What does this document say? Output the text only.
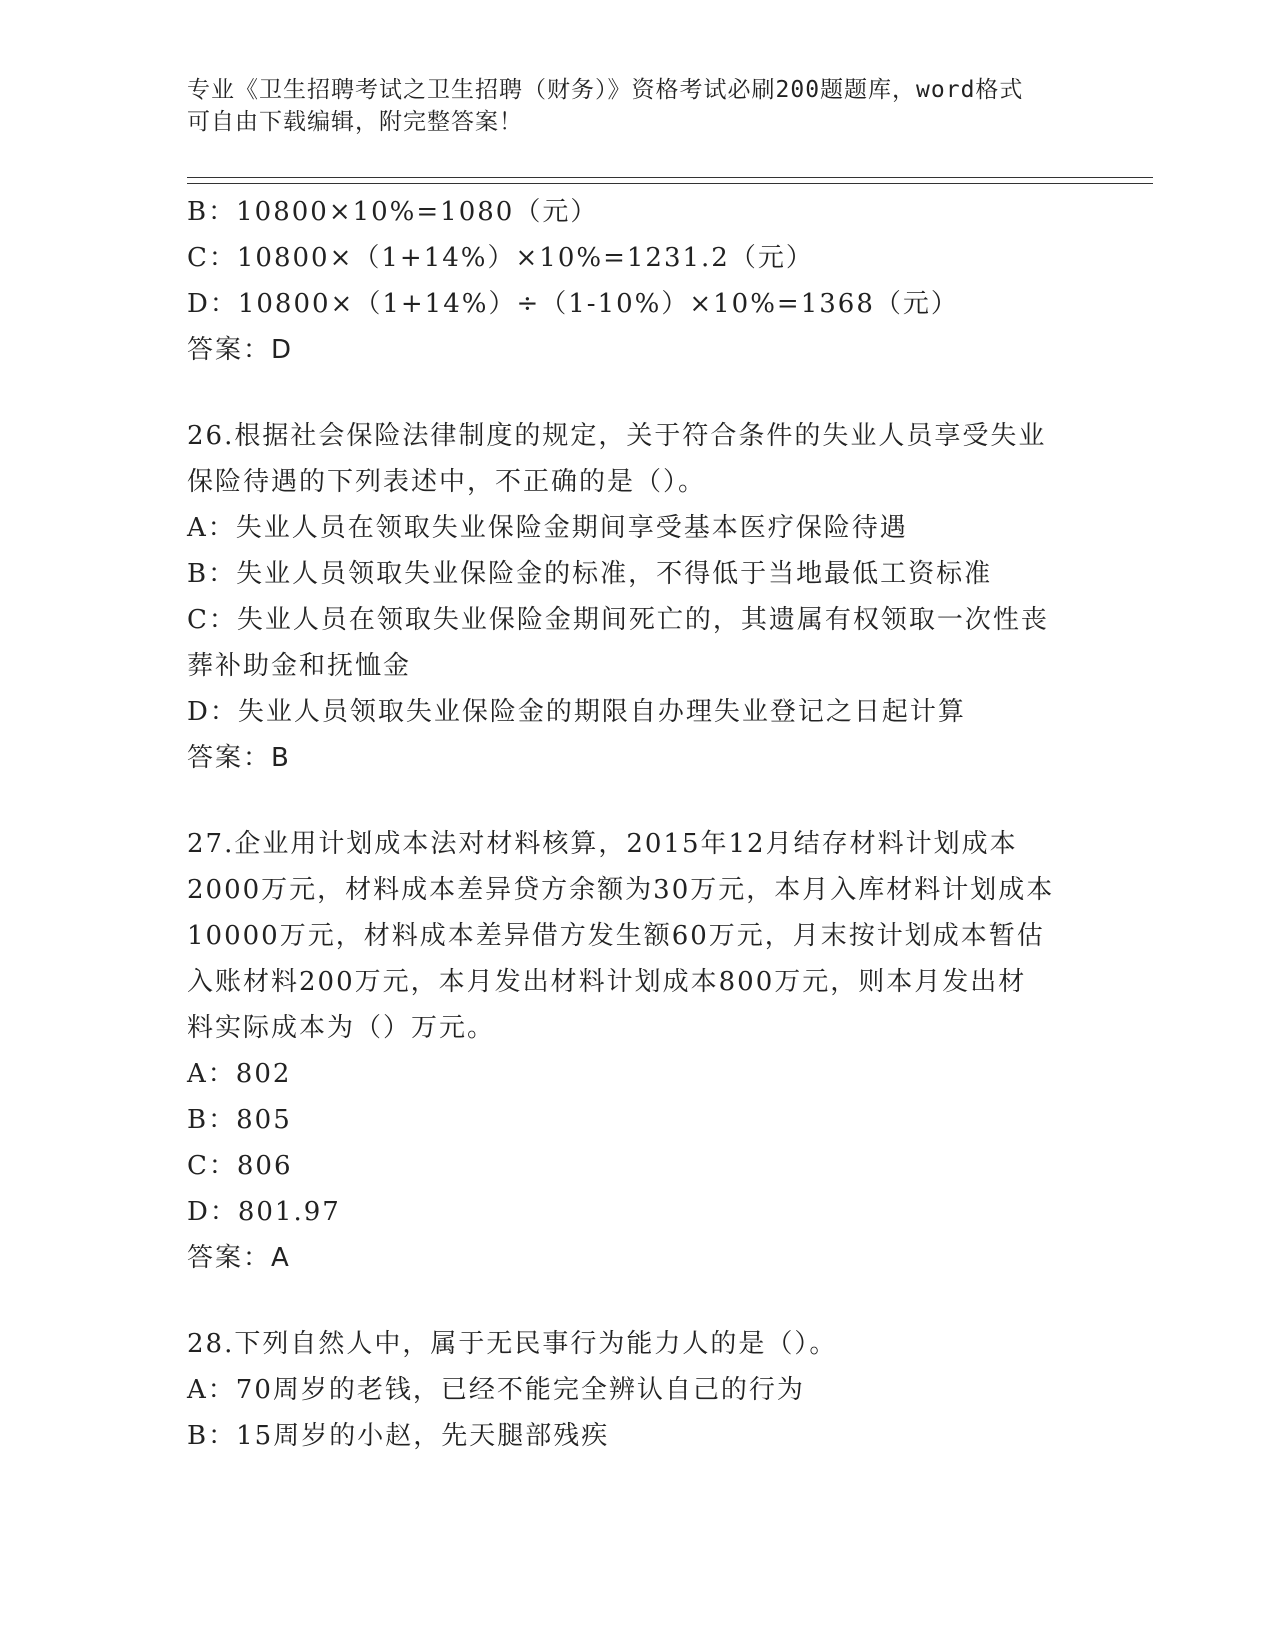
专业《卫生招聘考试之卫生招聘（财务）》资格考试必刷200题题库，word格式
可自由下载编辑，附完整答案！
B：10800×10%=1080（元）
C：10800×（1+14%）×10%=1231.2（元）
D：10800×（1+14%）÷（1-10%）×10%=1368（元）
答案：D
26.根据社会保险法律制度的规定，关于符合条件的失业人员享受失业
保险待遇的下列表述中，不正确的是（）。
A：失业人员在领取失业保险金期间享受基本医疗保险待遇
B：失业人员领取失业保险金的标准，不得低于当地最低工资标准
C：失业人员在领取失业保险金期间死亡的，其遗属有权领取一次性丧
葬补助金和抚恤金
D：失业人员领取失业保险金的期限自办理失业登记之日起计算
答案：B
27.企业用计划成本法对材料核算，2015年12月结存材料计划成本
2000万元，材料成本差异贷方余额为30万元，本月入库材料计划成本
10000万元，材料成本差异借方发生额60万元，月末按计划成本暂估
入账材料200万元，本月发出材料计划成本800万元，则本月发出材
料实际成本为（）万元。
A：802
B：805
C：806
D：801.97
答案：A
28.下列自然人中，属于无民事行为能力人的是（）。
A：70周岁的老钱，已经不能完全辨认自己的行为
B：15周岁的小赵，先天腿部残疾
